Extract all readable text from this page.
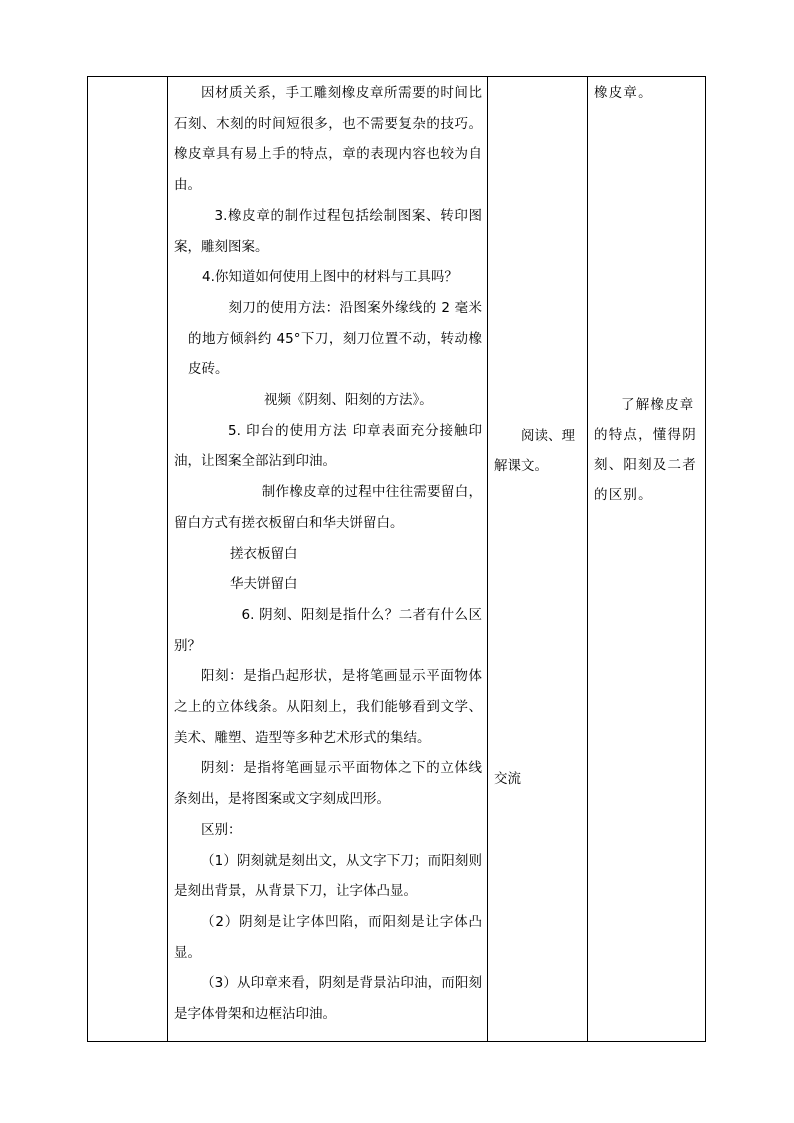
因材质关系，手工雕刻橡皮章所需要的时间比石刻、木刻的时间短很多，也不需要复杂的技巧。橡皮章具有易上手的特点，章的表现内容也较为自由。

3.橡皮章的制作过程包括绘制图案、转印图案，雕刻图案。

4.你知道如何使用上图中的材料与工具吗？

刻刀的使用方法：沿图案外缘线的 2 毫米的地方倾斜约 45°下刀，刻刀位置不动，转动橡皮砖。

视频《阴刻、阳刻的方法》。

5. 印台的使用方法 印章表面充分接触印油，让图案全部沾到印油。

制作橡皮章的过程中往往需要留白， 留白方式有搓衣板留白和华夫饼留白。

搓衣板留白

华夫饼留白

6. 阴刻、阳刻是指什么？二者有什么区别？

阳刻：是指凸起形状，是将笔画显示平面物体之上的立体线条。从阳刻上，我们能够看到文学、美术、雕塑、造型等多种艺术形式的集结。

阴刻：是指将笔画显示平面物体之下的立体线条刻出，是将图案或文字刻成凹形。

区别：

（1）阴刻就是刻出文，从文字下刀；而阳刻则是刻出背景，从背景下刀，让字体凸显。

（2）阴刻是让字体凹陷，而阳刻是让字体凸显。

（3）从印章来看，阴刻是背景沾印油，而阳刻是字体骨架和边框沾印油。

阅读、理解课文。
交流
橡皮章。
了解橡皮章的特点，懂得阴刻、阳刻及二者的区别。
